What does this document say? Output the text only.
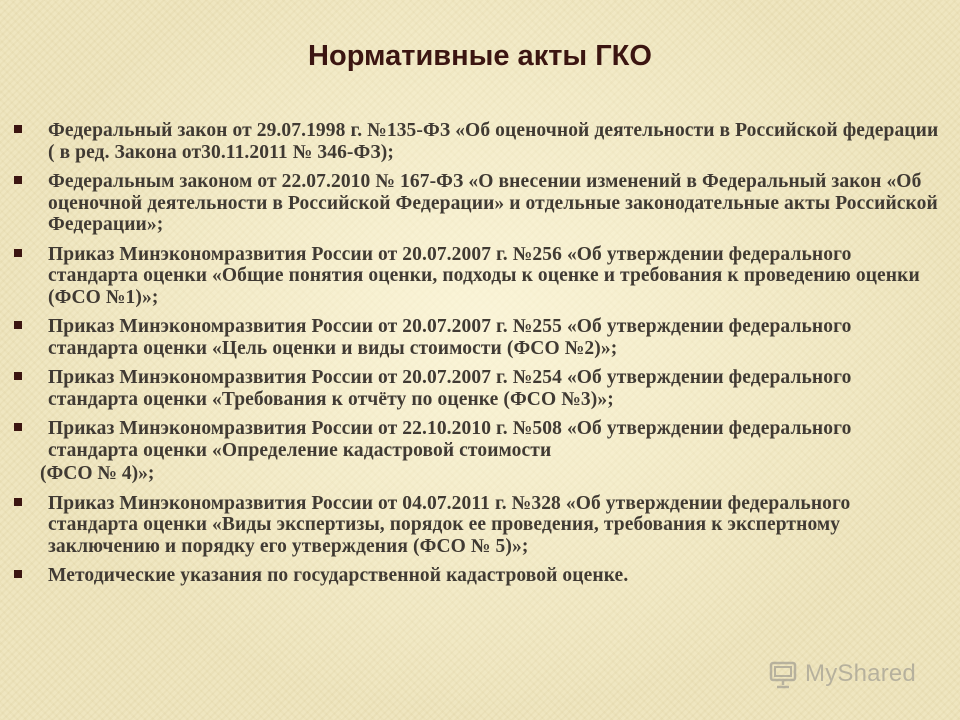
Нормативные акты ГКО
Федеральный закон от 29.07.1998 г. №135-ФЗ «Об оценочной деятельности в Российской федерации ( в ред. Закона от30.11.2011 № 346-ФЗ);
Федеральным законом от 22.07.2010 № 167-ФЗ «О внесении изменений в Федеральный закон «Об оценочной деятельности в Российской Федерации» и отдельные законодательные акты Российской Федерации»;
Приказ Минэкономразвития России от 20.07.2007 г. №256 «Об утверждении федерального стандарта оценки «Общие понятия оценки, подходы к оценке и требования к проведению оценки (ФСО №1)»;
Приказ Минэкономразвития России от 20.07.2007 г. №255 «Об утверждении федерального стандарта оценки «Цель оценки и виды стоимости (ФСО №2)»;
Приказ Минэкономразвития России от 20.07.2007 г. №254 «Об утверждении федерального стандарта оценки «Требования к отчёту по оценке (ФСО №3)»;
Приказ Минэкономразвития России от 22.10.2010 г. №508 «Об утверждении федерального стандарта оценки «Определение кадастровой стоимости
(ФСО № 4)»;
Приказ Минэкономразвития России от 04.07.2011 г. №328 «Об утверждении федерального стандарта оценки «Виды экспертизы, порядок ее проведения, требования к экспертному заключению и порядку его утверждения (ФСО № 5)»;
Методические указания по государственной кадастровой оценке.
MyShared
